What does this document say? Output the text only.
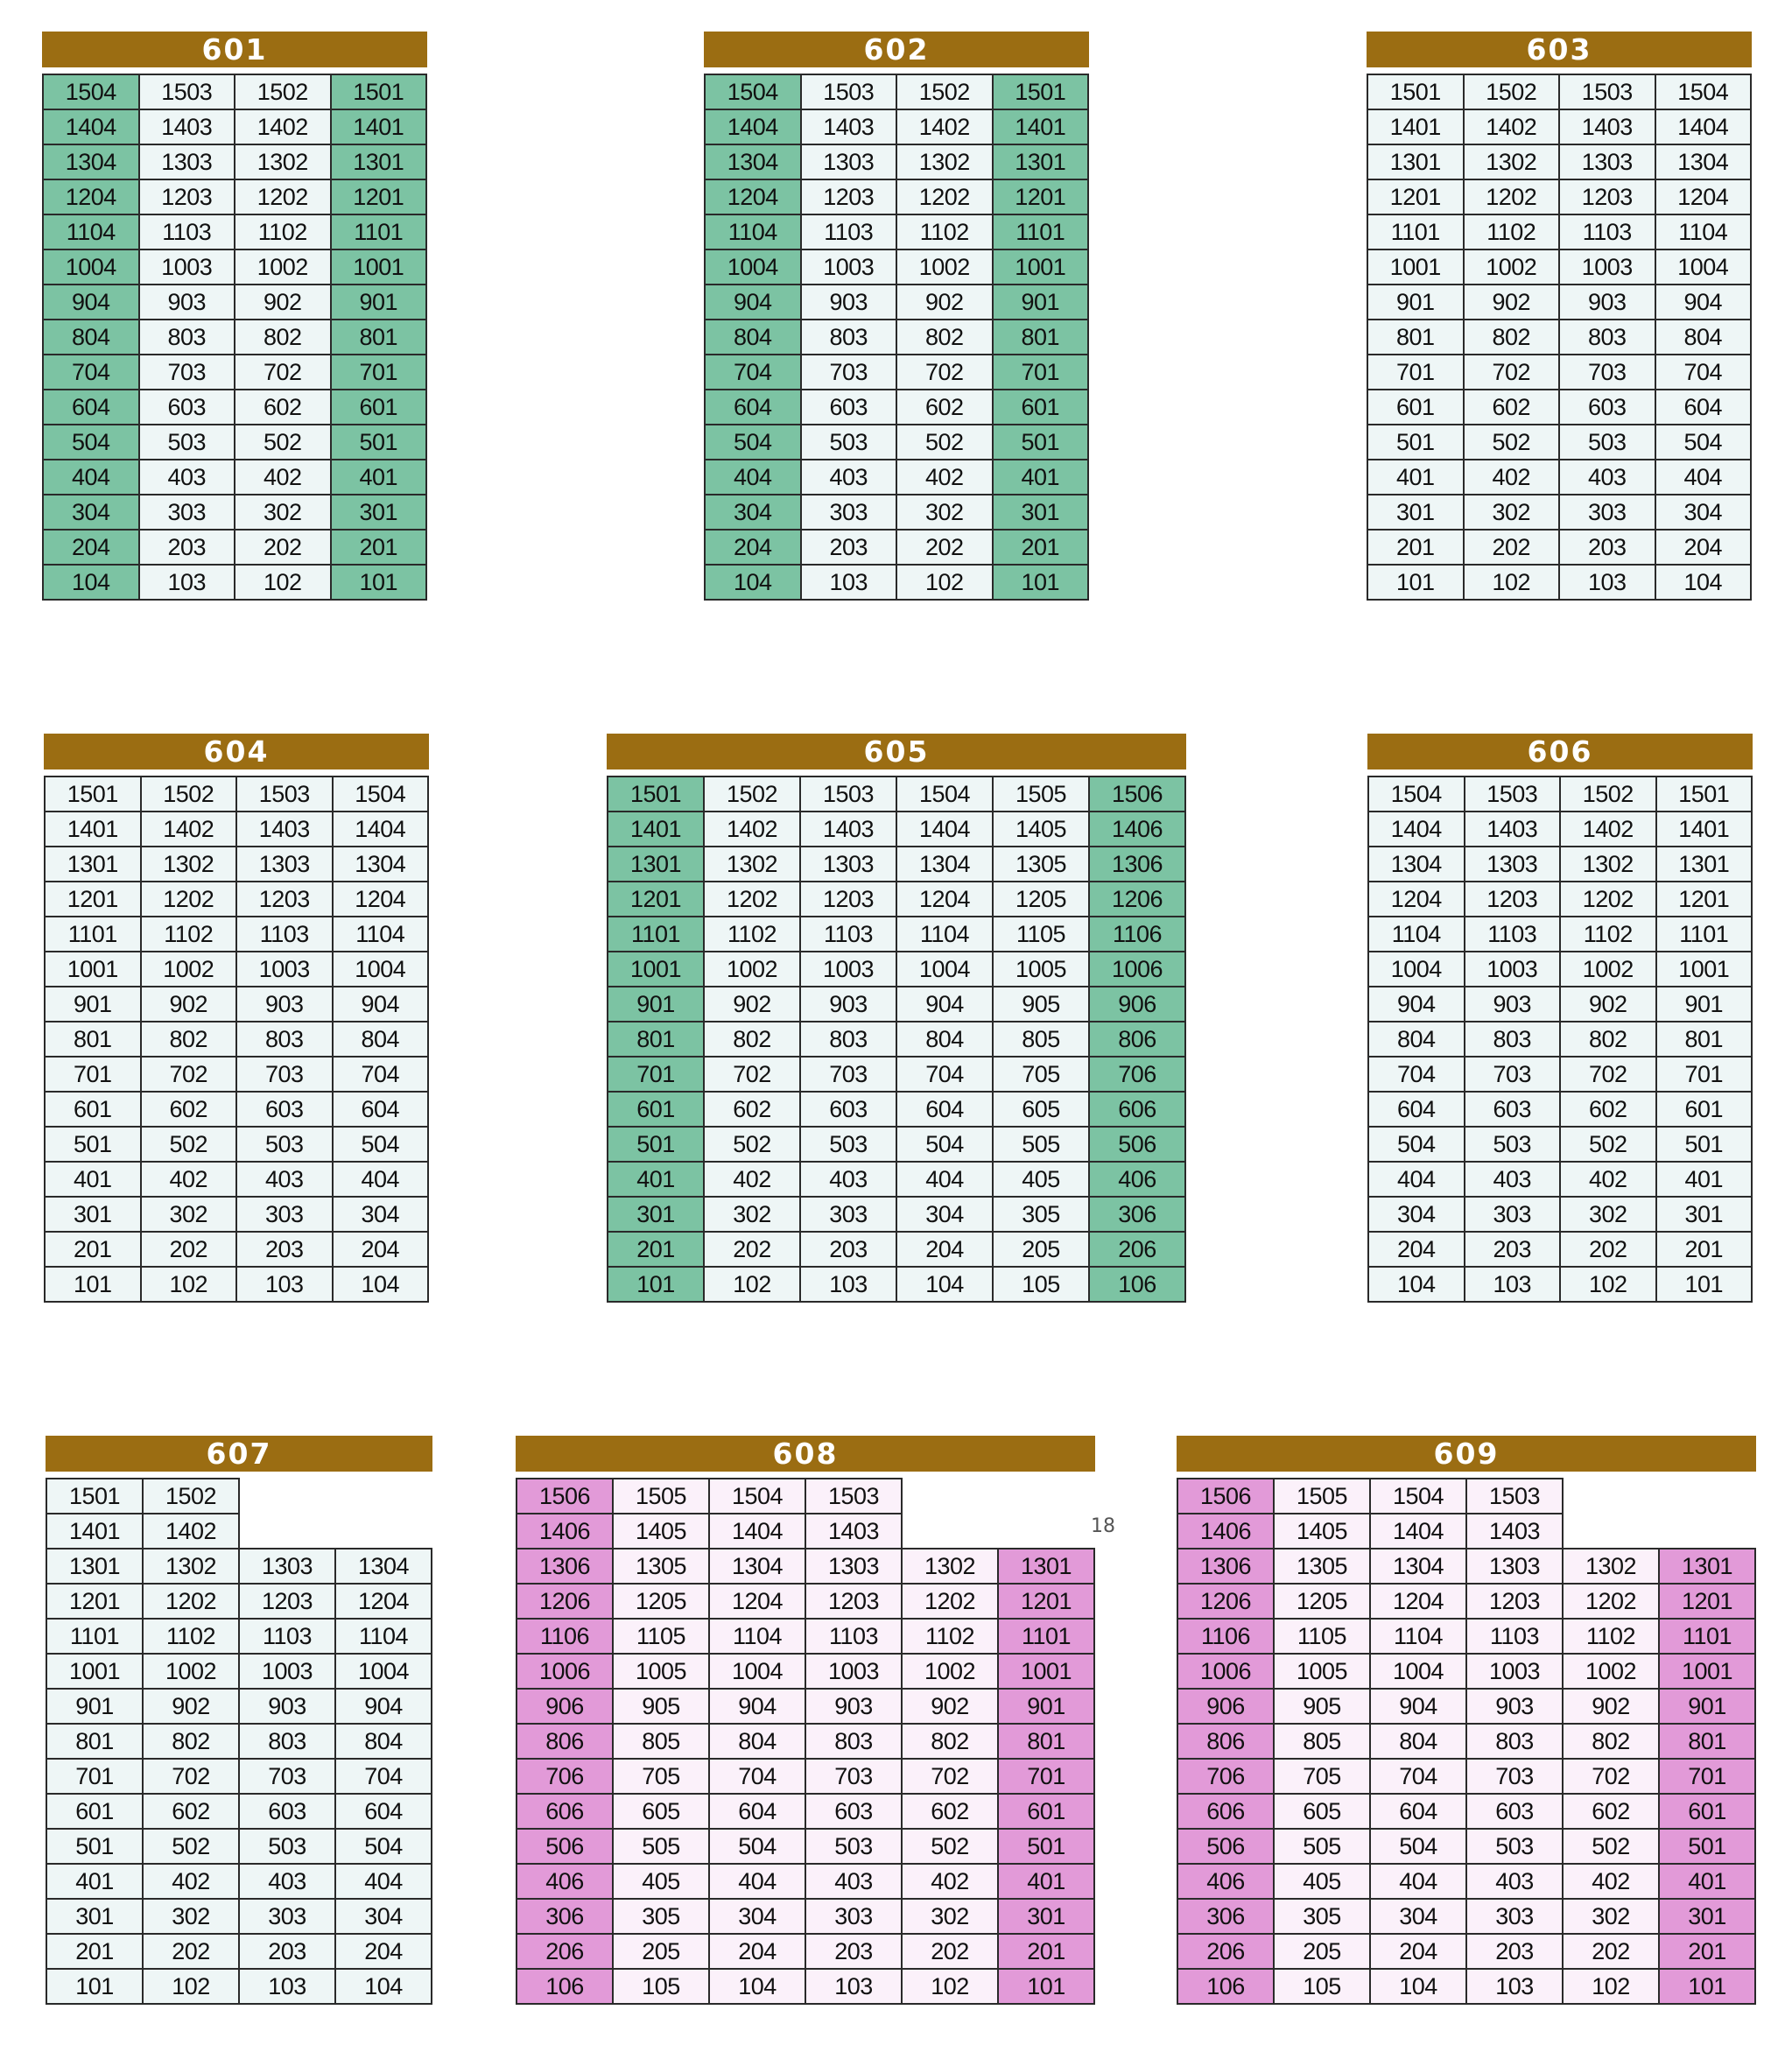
601
1504	1503	1502	1501
1404	1403	1402	1401
1304	1303	1302	1301
1204	1203	1202	1201
1104	1103	1102	1101
1004	1003	1002	1001
904	903	902	901
804	803	802	801
704	703	702	701
604	603	602	601
504	503	502	501
404	403	402	401
304	303	302	301
204	203	202	201
104	103	102	101
602
1504	1503	1502	1501
1404	1403	1402	1401
1304	1303	1302	1301
1204	1203	1202	1201
1104	1103	1102	1101
1004	1003	1002	1001
904	903	902	901
804	803	802	801
704	703	702	701
604	603	602	601
504	503	502	501
404	403	402	401
304	303	302	301
204	203	202	201
104	103	102	101
603
1501	1502	1503	1504
1401	1402	1403	1404
1301	1302	1303	1304
1201	1202	1203	1204
1101	1102	1103	1104
1001	1002	1003	1004
901	902	903	904
801	802	803	804
701	702	703	704
601	602	603	604
501	502	503	504
401	402	403	404
301	302	303	304
201	202	203	204
101	102	103	104
604
1501	1502	1503	1504
1401	1402	1403	1404
1301	1302	1303	1304
1201	1202	1203	1204
1101	1102	1103	1104
1001	1002	1003	1004
901	902	903	904
801	802	803	804
701	702	703	704
601	602	603	604
501	502	503	504
401	402	403	404
301	302	303	304
201	202	203	204
101	102	103	104
605
1501	1502	1503	1504	1505	1506
1401	1402	1403	1404	1405	1406
1301	1302	1303	1304	1305	1306
1201	1202	1203	1204	1205	1206
1101	1102	1103	1104	1105	1106
1001	1002	1003	1004	1005	1006
901	902	903	904	905	906
801	802	803	804	805	806
701	702	703	704	705	706
601	602	603	604	605	606
501	502	503	504	505	506
401	402	403	404	405	406
301	302	303	304	305	306
201	202	203	204	205	206
101	102	103	104	105	106
606
1504	1503	1502	1501
1404	1403	1402	1401
1304	1303	1302	1301
1204	1203	1202	1201
1104	1103	1102	1101
1004	1003	1002	1001
904	903	902	901
804	803	802	801
704	703	702	701
604	603	602	601
504	503	502	501
404	403	402	401
304	303	302	301
204	203	202	201
104	103	102	101
607
1501	1502		
1401	1402		
1301	1302	1303	1304
1201	1202	1203	1204
1101	1102	1103	1104
1001	1002	1003	1004
901	902	903	904
801	802	803	804
701	702	703	704
601	602	603	604
501	502	503	504
401	402	403	404
301	302	303	304
201	202	203	204
101	102	103	104
608
1506	1505	1504	1503		
1406	1405	1404	1403		
1306	1305	1304	1303	1302	1301
1206	1205	1204	1203	1202	1201
1106	1105	1104	1103	1102	1101
1006	1005	1004	1003	1002	1001
906	905	904	903	902	901
806	805	804	803	802	801
706	705	704	703	702	701
606	605	604	603	602	601
506	505	504	503	502	501
406	405	404	403	402	401
306	305	304	303	302	301
206	205	204	203	202	201
106	105	104	103	102	101
609
1506	1505	1504	1503		
1406	1405	1404	1403		
1306	1305	1304	1303	1302	1301
1206	1205	1204	1203	1202	1201
1106	1105	1104	1103	1102	1101
1006	1005	1004	1003	1002	1001
906	905	904	903	902	901
806	805	804	803	802	801
706	705	704	703	702	701
606	605	604	603	602	601
506	505	504	503	502	501
406	405	404	403	402	401
306	305	304	303	302	301
206	205	204	203	202	201
106	105	104	103	102	101
18
